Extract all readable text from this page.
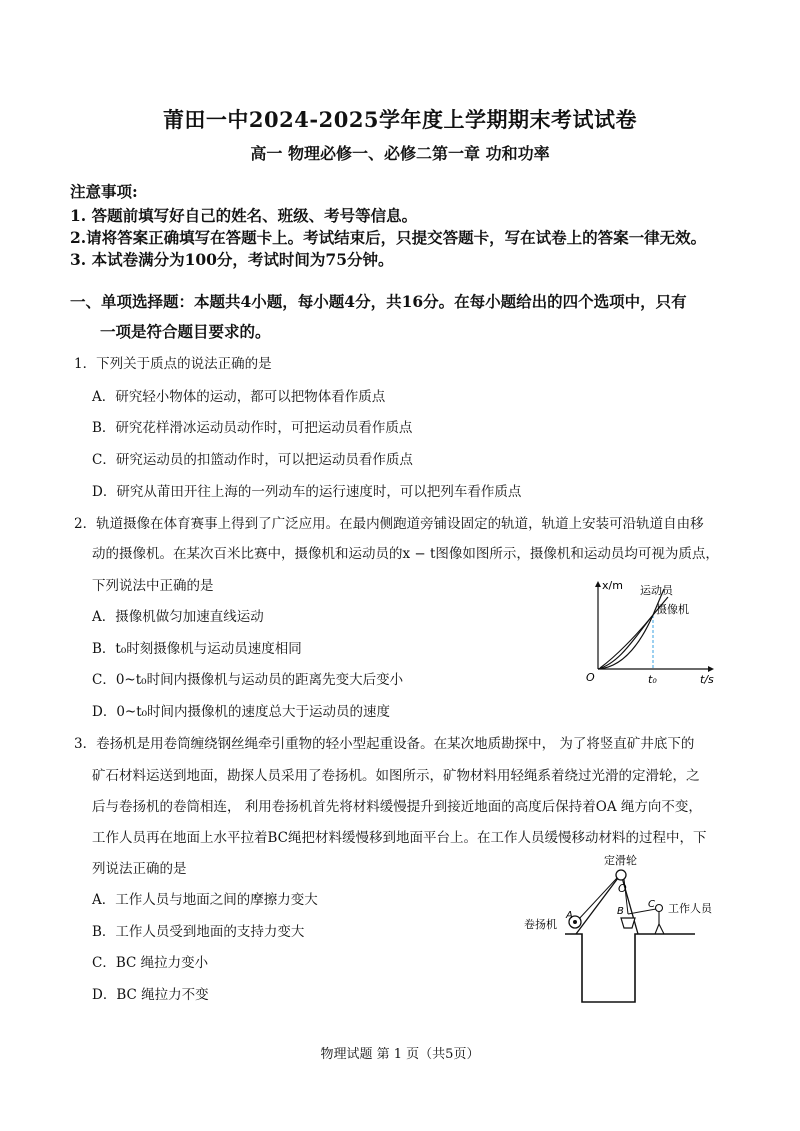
莆田一中2024-2025学年度上学期期末考试试卷
高一 物理必修一、必修二第一章 功和功率
注意事项:
1. 答题前填写好自己的姓名、班级、考号等信息。
2.请将答案正确填写在答题卡上。考试结束后，只提交答题卡，写在试卷上的答案一律无效。
3. 本试卷满分为100分，考试时间为75分钟。
一、单项选择题：本题共4小题，每小题4分，共16分。在每小题给出的四个选项中，只有
一项是符合题目要求的。
1．下列关于质点的说法正确的是
A．研究轻小物体的运动，都可以把物体看作质点
B．研究花样滑冰运动员动作时，可把运动员看作质点
C．研究运动员的扣篮动作时，可以把运动员看作质点
D．研究从莆田开往上海的一列动车的运行速度时，可以把列车看作质点
2．轨道摄像在体育赛事上得到了广泛应用。在最内侧跑道旁铺设固定的轨道，轨道上安装可沿轨道自由移
动的摄像机。在某次百米比赛中，摄像机和运动员的x − t图像如图所示，摄像机和运动员均可视为质点，
下列说法中正确的是
A．摄像机做匀加速直线运动
B．t₀时刻摄像机与运动员速度相同
C．0~t₀时间内摄像机与运动员的距离先变大后变小
D．0~t₀时间内摄像机的速度总大于运动员的速度
x/m 运动员
摄像机
O	t₀	t/s
3．卷扬机是用卷筒缠绕钢丝绳牵引重物的轻小型起重设备。在某次地质勘探中， 为了将竖直矿井底下的
矿石材料运送到地面，勘探人员采用了卷扬机。如图所示，矿物材料用轻绳系着绕过光滑的定滑轮，之
后与卷扬机的卷筒相连， 利用卷扬机首先将材料缓慢提升到接近地面的高度后保持着OA 绳方向不变，
工作人员再在地面上水平拉着BC绳把材料缓慢移到地面平台上。在工作人员缓慢移动材料的过程中，下
列说法正确的是
A．工作人员与地面之间的摩擦力变大
B．工作人员受到地面的支持力变大
C．BC 绳拉力变小
D．BC 绳拉力不变
定滑轮
O
卷扬机
A	B
C 工作人员
物理试题 第 1 页（共5页）
